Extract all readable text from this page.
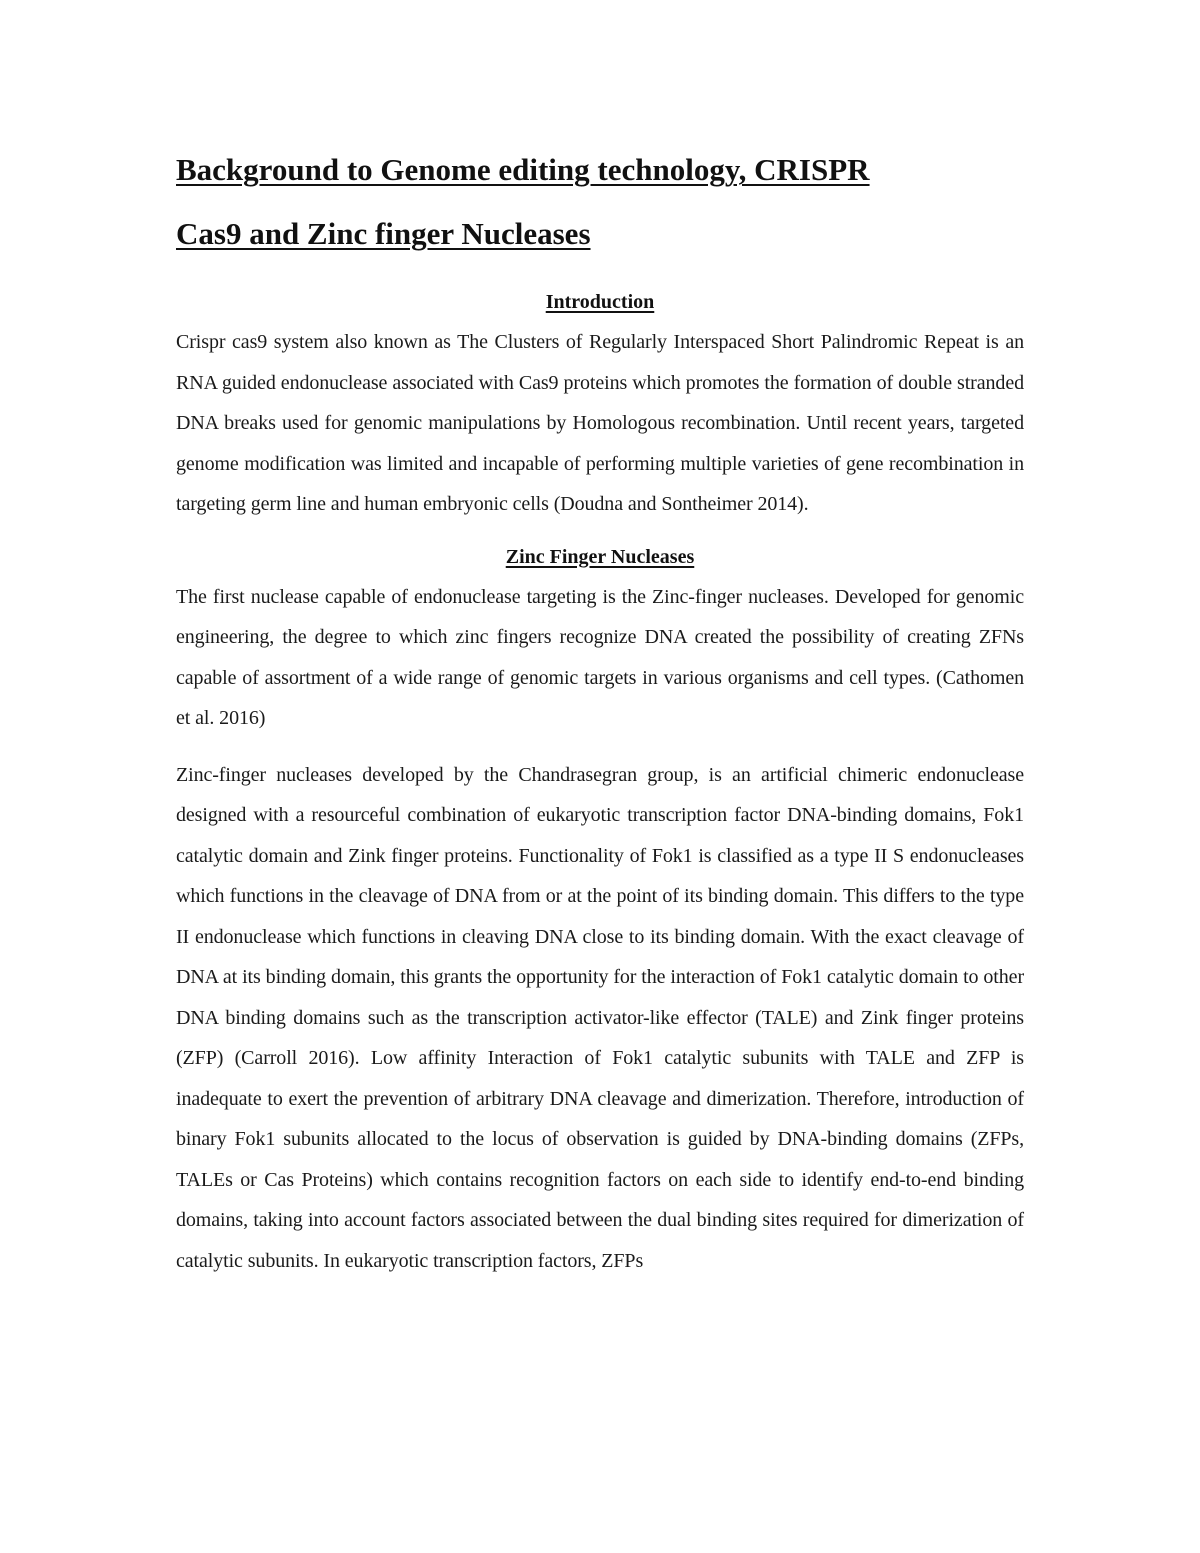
Background to Genome editing technology, CRISPR
Cas9 and Zinc finger Nucleases
Introduction

Crispr cas9 system also known as The Clusters of Regularly Interspaced Short Palindromic Repeat is an RNA guided endonuclease associated with Cas9 proteins which promotes the formation of double stranded DNA breaks used for genomic manipulations by Homologous recombination. Until recent years, targeted genome modification was limited and incapable of performing multiple varieties of gene recombination in targeting germ line and human embryonic cells (Doudna and Sontheimer 2014).

Zinc Finger Nucleases

The first nuclease capable of endonuclease targeting is the Zinc-finger nucleases. Developed for genomic engineering, the degree to which zinc fingers recognize DNA created the possibility of creating ZFNs capable of assortment of a wide range of genomic targets in various organisms and cell types. (Cathomen et al. 2016)

Zinc-finger nucleases developed by the Chandrasegran group, is an artificial chimeric endonuclease designed with a resourceful combination of eukaryotic transcription factor DNA-binding domains, Fok1 catalytic domain and Zink finger proteins. Functionality of Fok1 is classified as a type II S endonucleases which functions in the cleavage of DNA from or at the point of its binding domain. This differs to the type II endonuclease which functions in cleaving DNA close to its binding domain. With the exact cleavage of DNA at its binding domain, this grants the opportunity for the interaction of Fok1 catalytic domain to other DNA binding domains such as the transcription activator-like effector (TALE) and Zink finger proteins (ZFP) (Carroll 2016). Low affinity Interaction of Fok1 catalytic subunits with TALE and ZFP is inadequate to exert the prevention of arbitrary DNA cleavage and dimerization. Therefore, introduction of binary Fok1 subunits allocated to the locus of observation is guided by DNA-binding domains (ZFPs, TALEs or Cas Proteins) which contains recognition factors on each side to identify end-to-end binding domains, taking into account factors associated between the dual binding sites required for dimerization of catalytic subunits. In eukaryotic transcription factors, ZFPs
